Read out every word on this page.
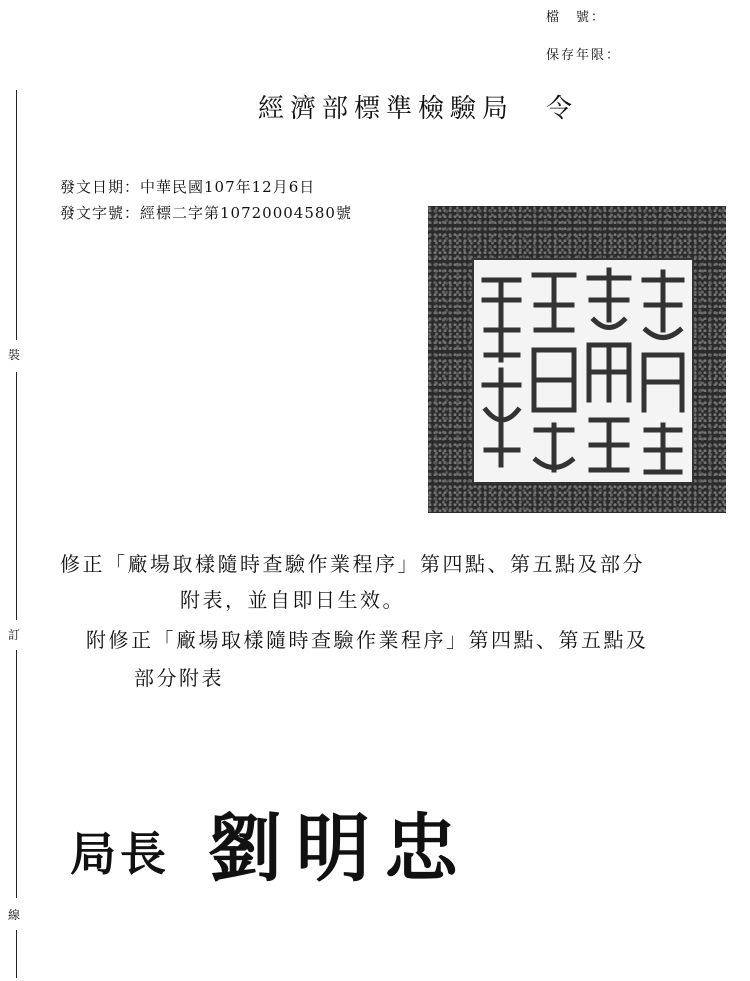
裝
訂
線
檔　號：
保存年限：
經濟部標準檢驗局　令
發文日期：中華民國107年12月6日
發文字號：經標二字第10720004580號
修正「廠場取樣隨時查驗作業程序」第四點、第五點及部分
附表，並自即日生效。
附修正「廠場取樣隨時查驗作業程序」第四點、第五點及
部分附表
局長 劉明忠
